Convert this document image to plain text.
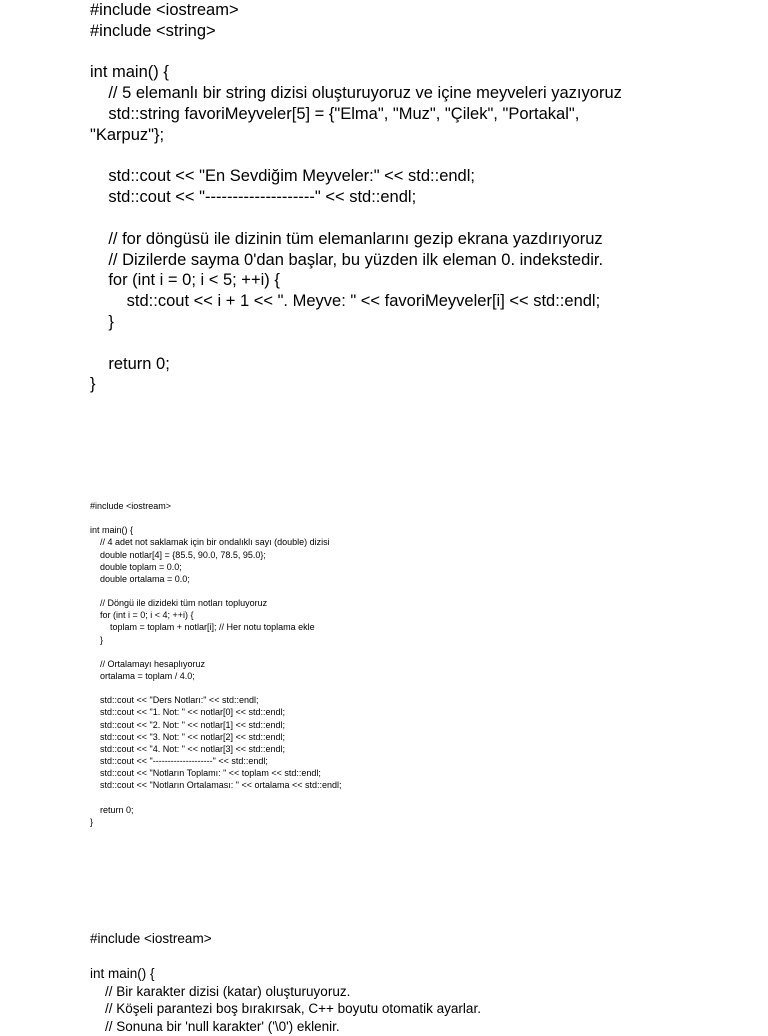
#include <iostream>
#include <string>
int main() {
// 5 elemanlı bir string dizisi oluşturuyoruz ve içine meyveleri yazıyoruz
std::string favoriMeyveler[5] = {"Elma", "Muz", "Çilek", "Portakal",
"Karpuz"};
std::cout << "En Sevdiğim Meyveler:" << std::endl;
std::cout << "--------------------" << std::endl;
// for döngüsü ile dizinin tüm elemanlarını gezip ekrana yazdırıyoruz
// Dizilerde sayma 0'dan başlar, bu yüzden ilk eleman 0. indekstedir.
for (int i = 0; i < 5; ++i) {
std::cout << i + 1 << ". Meyve: " << favoriMeyveler[i] << std::endl;
}
return 0;
}
#include <iostream>
int main() {
// 4 adet not saklamak için bir ondalıklı sayı (double) dizisi
double notlar[4] = {85.5, 90.0, 78.5, 95.0};
double toplam = 0.0;
double ortalama = 0.0;
// Döngü ile dizideki tüm notları topluyoruz
for (int i = 0; i < 4; ++i) {
toplam = toplam + notlar[i]; // Her notu toplama ekle
}
// Ortalamayı hesaplıyoruz
ortalama = toplam / 4.0;
std::cout << "Ders Notları:" << std::endl;
std::cout << "1. Not: " << notlar[0] << std::endl;
std::cout << "2. Not: " << notlar[1] << std::endl;
std::cout << "3. Not: " << notlar[2] << std::endl;
std::cout << "4. Not: " << notlar[3] << std::endl;
std::cout << "--------------------" << std::endl;
std::cout << "Notların Toplamı: " << toplam << std::endl;
std::cout << "Notların Ortalaması: " << ortalama << std::endl;
return 0;
}
#include <iostream>
int main() {
// Bir karakter dizisi (katar) oluşturuyoruz.
// Köşeli parantezi boş bırakırsak, C++ boyutu otomatik ayarlar.
// Sonuna bir 'null karakter' ('\0') eklenir.
